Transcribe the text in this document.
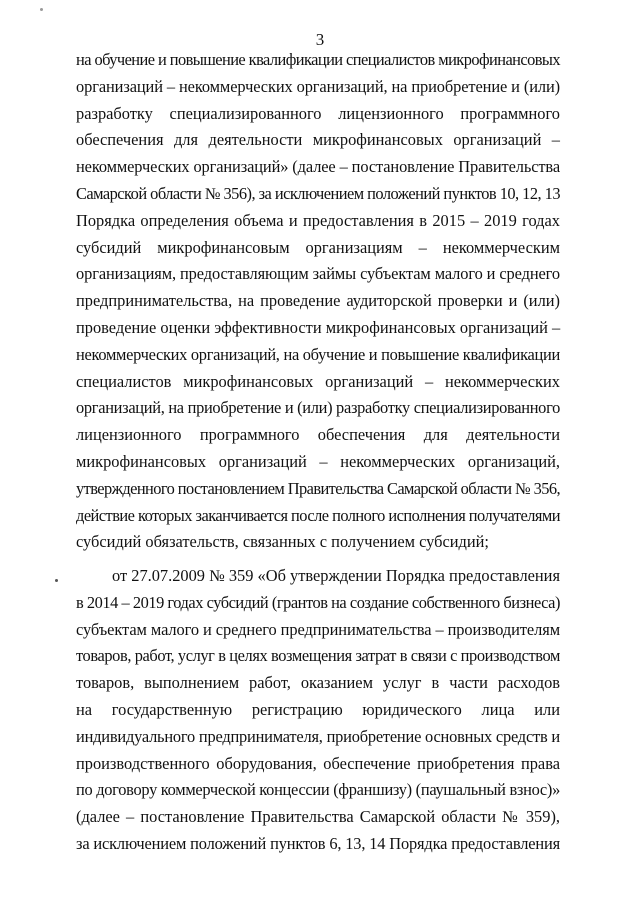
3
на обучение и повышение квалификации специалистов микрофинансовых
организаций – некоммерческих организаций, на приобретение и (или)
разработку специализированного лицензионного программного
обеспечения для деятельности микрофинансовых организаций –
некоммерческих организаций» (далее – постановление Правительства
Самарской области № 356), за исключением положений пунктов 10, 12, 13
Порядка определения объема и предоставления в 2015 – 2019 годах
субсидий микрофинансовым организациям – некоммерческим
организациям, предоставляющим займы субъектам малого и среднего
предпринимательства, на проведение аудиторской проверки и (или)
проведение оценки эффективности микрофинансовых организаций –
некоммерческих организаций, на обучение и повышение квалификации
специалистов микрофинансовых организаций – некоммерческих
организаций, на приобретение и (или) разработку специализированного
лицензионного программного обеспечения для деятельности
микрофинансовых организаций – некоммерческих организаций,
утвержденного постановлением Правительства Самарской области № 356,
действие которых заканчивается после полного исполнения получателями
субсидий обязательств, связанных с получением субсидий;
от 27.07.2009 № 359 «Об утверждении Порядка предоставления
в 2014 – 2019 годах субсидий (грантов на создание собственного бизнеса)
субъектам малого и среднего предпринимательства – производителям
товаров, работ, услуг в целях возмещения затрат в связи с производством
товаров, выполнением работ, оказанием услуг в части расходов
на государственную регистрацию юридического лица или
индивидуального предпринимателя, приобретение основных средств и
производственного оборудования, обеспечение приобретения права
по договору коммерческой концессии (франшизу) (паушальный взнос)»
(далее – постановление Правительства Самарской области № 359),
за исключением положений пунктов 6, 13, 14 Порядка предоставления
